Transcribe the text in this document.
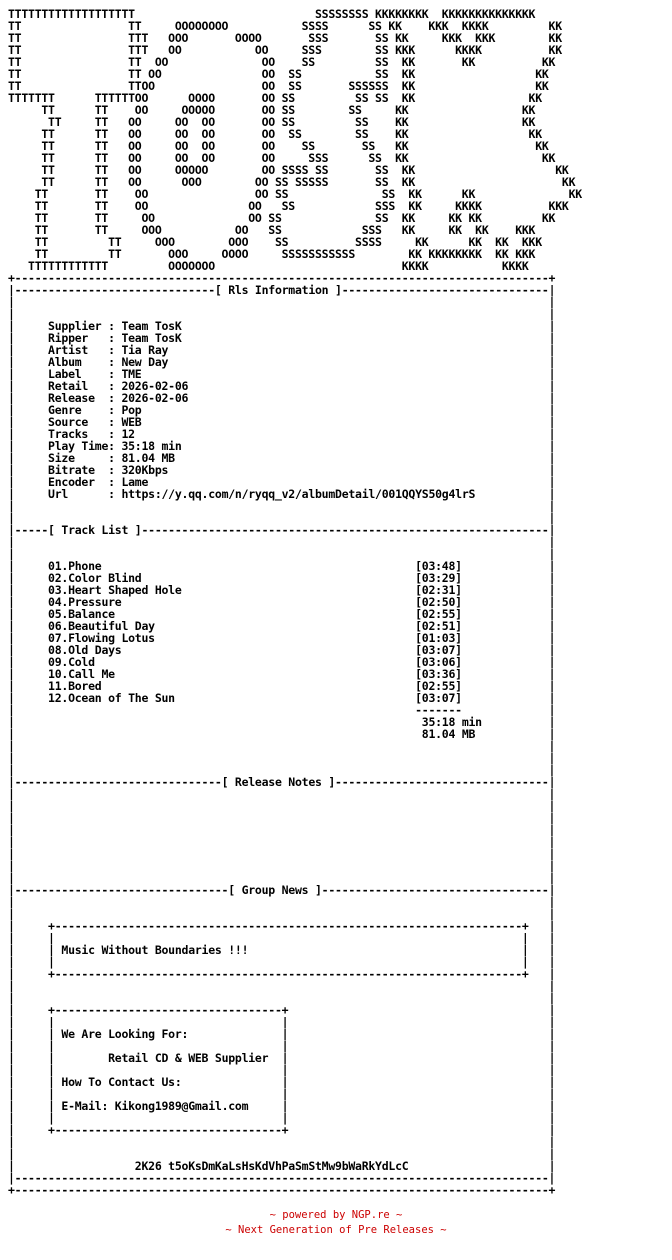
TTTTTTTTTTTTTTTTTTT                           SSSSSSSS KKKKKKKK  KKKKKKKKKKKKKK
TT                TT     OOOOOOOO           SSSS      SS KK    KKK  KKKK         KK
TT                TTT   OOO       OOOO       SSS       SS KK     KKK  KKK        KK
TT                TTT   OO           OO     SSS        SS KKK      KKKK          KK
TT                TT  OO              OO    SS         SS  KK       KK          KK
TT                TT OO               OO  SS           SS  KK                  KK
TT                TTOO                OO  SS       SSSSSS  KK                  KK
TTTTTTT      TTTTTTOO      OOOO       OO SS         SS SS  KK                 KK
TT      TT    OO     OOOOO       OO SS        SS     KK                 KK
TT     TT   OO     OO  OO       OO SS         SS    KK                 KK
TT      TT   OO     OO  OO       OO  SS        SS    KK                  KK
TT      TT   OO     OO  OO       OO    SS       SS   KK                   KK
TT      TT   OO     OO  OO       OO     SSS      SS  KK                    KK
TT      TT   OO     OOOOO        OO SSSS SS       SS  KK                     KK
TT      TT   OO      OOO        OO SS SSSSS       SS  KK                      KK
TT       TT    OO                OO SS              SS  KK      KK              KK
TT       TT    OO               OO   SS            SSS  KK     KKKK          KKK
TT       TT     OO              OO SS              SS  KK     KK KK         KK
TT       TT     OOO           OO   SS            SSS   KK     KK  KK    KKK
TT         TT     OOO        OOO    SS          SSSS     KK      KK  KK  KKK
TT         TT       OOO     OOOO     SSSSSSSSSSS        KK KKKKKKKK  KK KKK
TTTTTTTTTTTT         OOOOOOO                            KKKK           KKKK
+--------------------------------------------------------------------------------+
|------------------------------[ Rls Information ]-------------------------------|
|                                                                                |
|                                                                                |
|     Supplier : Team TosK                                                       |
|     Ripper   : Team TosK                                                       |
|     Artist   : Tia Ray                                                         |
|     Album    : New Day                                                         |
|     Label    : TME                                                             |
|     Retail   : 2026-02-06                                                      |
|     Release  : 2026-02-06                                                      |
|     Genre    : Pop                                                             |
|     Source   : WEB                                                             |
|     Tracks   : 12                                                              |
|     Play Time: 35:18 min                                                       |
|     Size     : 81.04 MB                                                        |
|     Bitrate  : 320Kbps                                                         |
|     Encoder  : Lame                                                            |
|     Url      : https://y.qq.com/n/ryqq_v2/albumDetail/001QQYS50g4lrS           |
|                                                                                |
|                                                                                |
|-----[ Track List ]-------------------------------------------------------------|
|                                                                                |
|                                                                                |
|     01.Phone                                               [03:48]             |
|     02.Color Blind                                         [03:29]             |
|     03.Heart Shaped Hole                                   [02:31]             |
|     04.Pressure                                            [02:50]             |
|     05.Balance                                             [02:55]             |
|     06.Beautiful Day                                       [02:51]             |
|     07.Flowing Lotus                                       [01:03]             |
|     08.Old Days                                            [03:07]             |
|     09.Cold                                                [03:06]             |
|     10.Call Me                                             [03:36]             |
|     11.Bored                                               [02:55]             |
|     12.Ocean of The Sun                                    [03:07]             |
|                                                            -------             |
|                                                             35:18 min          |
|                                                             81.04 MB           |
|                                                                                |
|                                                                                |
|                                                                                |
|-------------------------------[ Release Notes ]--------------------------------|
|                                                                                |
|                                                                                |
|                                                                                |
|                                                                                |
|                                                                                |
|                                                                                |
|                                                                                |
|                                                                                |
|--------------------------------[ Group News ]----------------------------------|
|                                                                                |
|                                                                                |
|     +----------------------------------------------------------------------+   |
|     |                                                                      |   |
|     | Music Without Boundaries !!!                                         |   |
|     |                                                                      |   |
|     +----------------------------------------------------------------------+   |
|                                                                                |
|                                                                                |
|     +----------------------------------+                                       |
|     |                                  |                                       |
|     | We Are Looking For:              |                                       |
|     |                                  |                                       |
|     |        Retail CD & WEB Supplier  |                                       |
|     |                                  |                                       |
|     | How To Contact Us:               |                                       |
|     |                                  |                                       |
|     | E-Mail: Kikong1989@Gmail.com     |                                       |
|     |                                  |                                       |
|     +----------------------------------+                                       |
|                                                                                |
|                                                                                |
|                  2K26 t5oKsDmKaLsHsKdVhPaSmStMw9bWaRkYdLcC                     |
|--------------------------------------------------------------------------------|
+--------------------------------------------------------------------------------+
~ powered by NGP.re ~
~ Next Generation of Pre Releases ~
